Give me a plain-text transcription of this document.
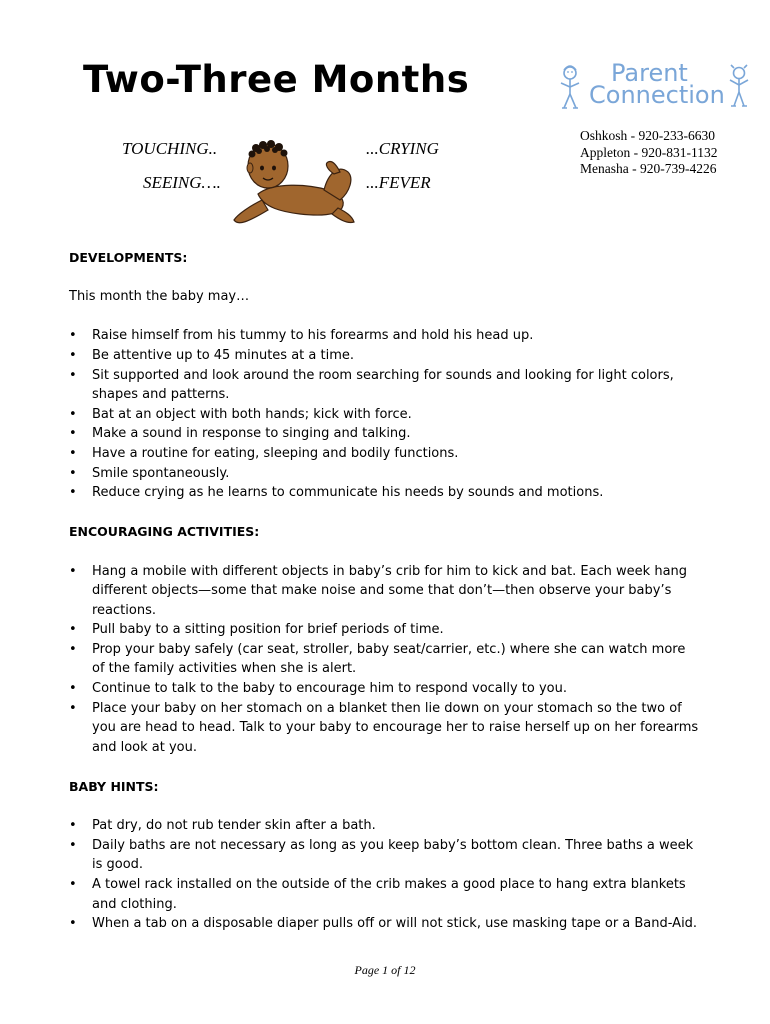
Two-Three Months	Parent
Connection
Oshkosh - 920-233-6630
Appleton - 920-831-1132
Menasha - 920-739-4226
TOUCHING..
SEEING….
...CRYING
...FEVER

DEVELOPMENTS:

This month the baby may…

• Raise himself from his tummy to his forearms and hold his head up.
• Be attentive up to 45 minutes at a time.
• Sit supported and look around the room searching for sounds and looking for light colors, shapes and patterns.
• Bat at an object with both hands; kick with force.
• Make a sound in response to singing and talking.
• Have a routine for eating, sleeping and bodily functions.
• Smile spontaneously.
• Reduce crying as he learns to communicate his needs by sounds and motions.

ENCOURAGING ACTIVITIES:

• Hang a mobile with different objects in baby’s crib for him to kick and bat. Each week hang different objects—some that make noise and some that don’t—then observe your baby’s reactions.
• Pull baby to a sitting position for brief periods of time.
• Prop your baby safely (car seat, stroller, baby seat/carrier, etc.) where she can watch more of the family activities when she is alert.
• Continue to talk to the baby to encourage him to respond vocally to you.
• Place your baby on her stomach on a blanket then lie down on your stomach so the two of you are head to head. Talk to your baby to encourage her to raise herself up on her forearms and look at you.

BABY HINTS:

• Pat dry, do not rub tender skin after a bath.
• Daily baths are not necessary as long as you keep baby’s bottom clean. Three baths a week is good.
• A towel rack installed on the outside of the crib makes a good place to hang extra blankets and clothing.
• When a tab on a disposable diaper pulls off or will not stick, use masking tape or a Band-Aid.
Page 1 of 12
